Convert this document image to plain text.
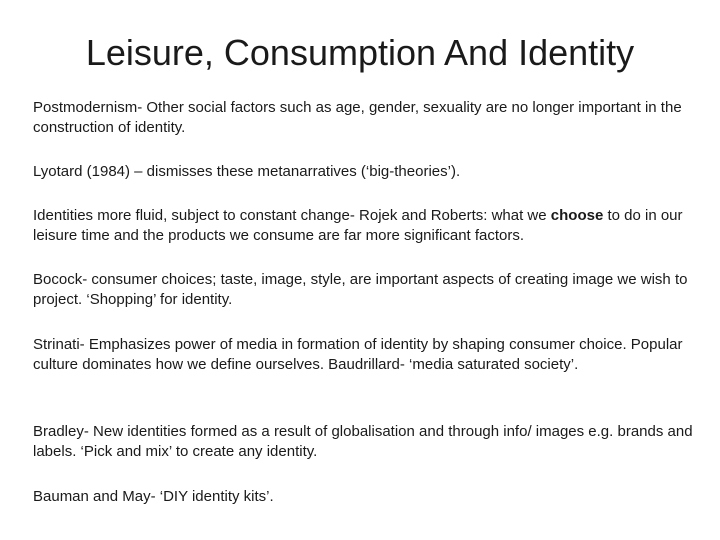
Leisure, Consumption And Identity

Postmodernism- Other social factors such as age, gender, sexuality are no longer important in the construction of identity.

Lyotard (1984) – dismisses these metanarratives (‘big-theories’).

Identities more fluid, subject to constant change- Rojek and Roberts: what we choose to do in our leisure time and the products we consume are far more significant factors.

Bocock- consumer choices; taste, image, style, are important aspects of creating image we wish to project. ‘Shopping’ for identity.

Strinati- Emphasizes power of media in formation of identity by shaping consumer choice. Popular culture dominates how we define ourselves. Baudrillard- ‘media saturated society’.

Bradley- New identities formed as a result of globalisation and through info/ images e.g. brands and labels. ‘Pick and mix’ to create any identity.

Bauman and May- ‘DIY identity kits’.
